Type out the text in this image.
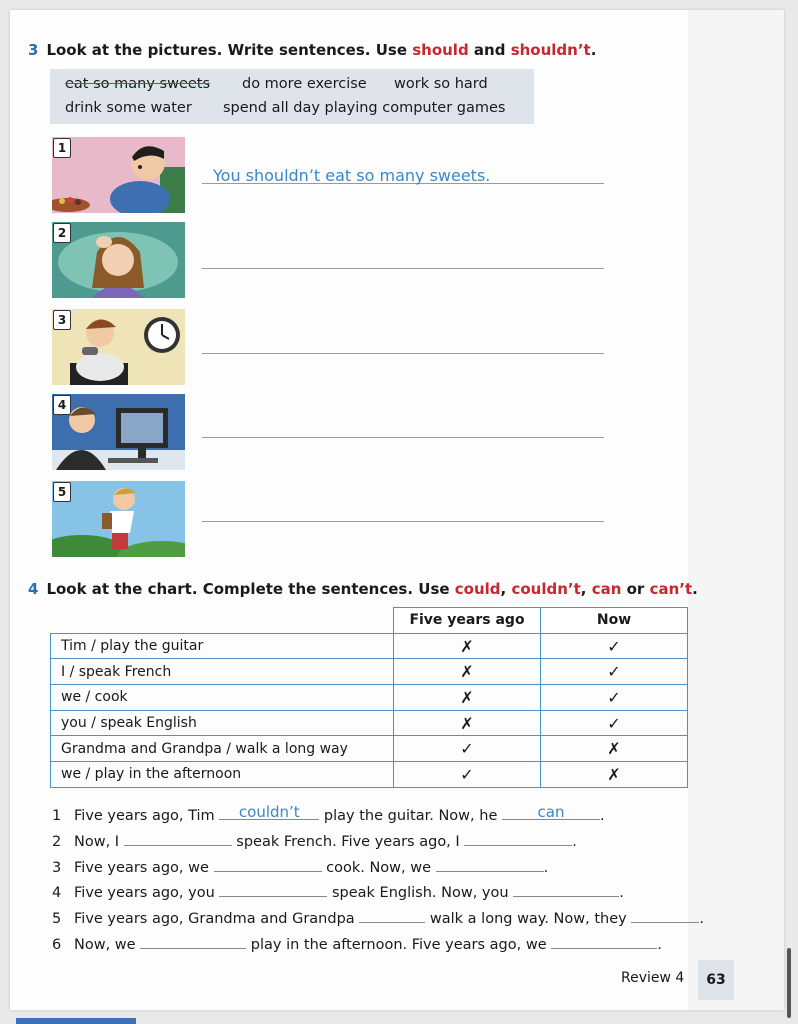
3 Look at the pictures. Write sentences. Use should and shouldn’t.
eat so many sweets do more exercise work so hard
drink some water spend all day playing computer games
1
You shouldn’t eat so many sweets.
2
3
4
5
4 Look at the chart. Complete the sentences. Use could, couldn’t, can or can’t.
	Five years ago	Now
Tim / play the guitar	✗	✓
I / speak French	✗	✓
we / cook	✗	✓
you / speak English	✗	✓
Grandma and Grandpa / walk a long way	✓	✗
we / play in the afternoon	✓	✗
1 Five years ago, Tim	couldn’t	play the guitar. Now, he	can	.
2 Now, I	speak French. Five years ago, I	.
3 Five years ago, we	cook. Now, we	.
4 Five years ago, you	speak English. Now, you	.
5 Five years ago, Grandma and Grandpa	walk a long way. Now, they	.
6 Now, we	play in the afternoon. Five years ago, we	.
Review 4	63
